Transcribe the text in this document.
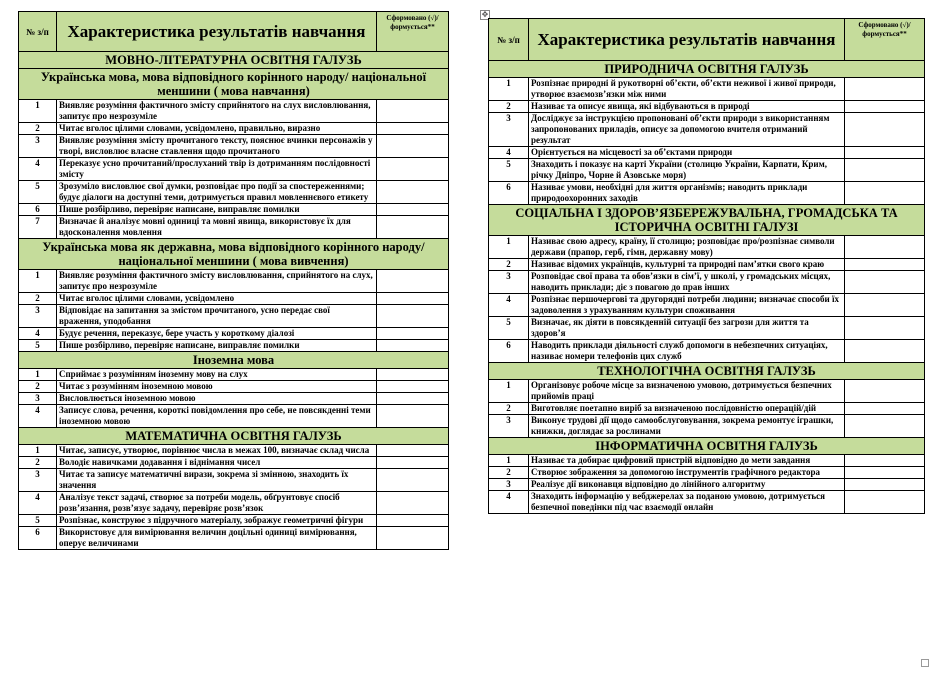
№ з/п	Характеристика результатів навчання	Сформовано (√)/ формується**
МОВНО-ЛІТЕРАТУРНА ОСВІТНЯ ГАЛУЗЬ		
Українська мова, мова відповідного корінного народу/ національної меншини ( мова навчання)		
1	Виявляє розуміння фактичного змісту сприйнятого на слух висловлювання, запитує про незрозуміле	
2	Читає вголос цілими словами, усвідомлено, правильно, виразно	
3	Виявляє розуміння змісту прочитаного тексту, пояснює вчинки персонажів у творі, висловлює власне ставлення щодо прочитаного	
4	Переказує усно прочитаний/прослуханий твір із дотриманням послідовності змісту	
5	Зрозуміло висловлює свої думки, розповідає про події за спостереженнями; будує діалоги на доступні теми, дотримується правил мовленнєвого етикету	
6	Пише розбірливо, перевіряє написане, виправляє помилки	
7	Визначає й аналізує мовні одиниці та мовні явища, використовує їх для вдосконалення мовлення	
Українська мова як державна, мова відповідного корінного народу/ національної меншини ( мова вивчення)		
1	Виявляє розуміння фактичного змісту висловлювання, сприйнятого на слух, запитує про незрозуміле	
2	Читає вголос цілими словами, усвідомлено	
3	Відповідає на запитання за змістом прочитаного, усно передає свої враження, уподобання	
4	Будує речення, переказує, бере участь у короткому діалозі	
5	Пише розбірливо, перевіряє написане, виправляє помилки	
Іноземна мова		
1	Сприймає з розумінням іноземну мову на слух	
2	Читає з розумінням іноземною мовою	
3	Висловлюється іноземною мовою	
4	Записує слова, речення, короткі повідомлення про себе, не повсякденні теми іноземною мовою	
МАТЕМАТИЧНА ОСВІТНЯ ГАЛУЗЬ		
1	Читає, записує, утворює, порівнює числа в межах 100, визначає склад числа	
2	Володіє навичками додавання і віднімання чисел	
3	Читає та записує математичні вирази, зокрема зі змінною, знаходить їх значення	
4	Аналізує текст задачі, створює за потреби модель, обґрунтовує спосіб розв’язання, розв’язує задачу, перевіряє розв’язок	
5	Розпізнає, конструює з підручного матеріалу, зображує геометричні фігури	
6	Використовує для вимірювання величин доцільні одиниці вимірювання, оперує величинами	
✥
№ з/п	Характеристика результатів навчання	Сформовано (√)/ формується**
ПРИРОДНИЧА ОСВІТНЯ ГАЛУЗЬ		
1	Розпізнає природні й рукотворні об’єкти, об’єкти неживої і живої природи, утворює взаємозв’язки між ними	
2	Називає та описує явища, які відбуваються в природі	
3	Досліджує за інструкцією пропоновані об’єкти природи з використанням запропонованих приладів, описує за допомогою вчителя отриманий результат	
4	Орієнтується на місцевості за об’єктами природи	
5	Знаходить і показує на карті України (столицю України, Карпати, Крим, річку Дніпро, Чорне й Азовське моря)	
6	Називає умови, необхідні для життя організмів; наводить приклади природоохоронних заходів	
СОЦІАЛЬНА І ЗДОРОВ’ЯЗБЕРЕЖУВАЛЬНА, ГРОМАДСЬКА ТА ІСТОРИЧНА ОСВІТНІ ГАЛУЗІ		
1	Називає свою адресу, країну, її столицю; розповідає про/розпізнає символи держави (прапор, герб, гімн, державну мову)	
2	Називає відомих українців, культурні та природні пам’ятки свого краю	
3	Розповідає свої права та обов’язки в сім’ї, у школі, у громадських місцях, наводить приклади; діє з повагою до прав інших	
4	Розпізнає першочергові та другорядні потреби людини; визначає способи їх задоволення з урахуванням культури споживання	
5	Визначає, як діяти в повсякденній ситуації без загрози для життя та здоров’я	
6	Наводить приклади діяльності служб допомоги в небезпечних ситуаціях, називає номери телефонів цих служб	
ТЕХНОЛОГІЧНА ОСВІТНЯ ГАЛУЗЬ		
1	Організовує робоче місце за визначеною умовою, дотримується безпечних прийомів праці	
2	Виготовляє поетапно виріб за визначеною послідовністю операцій/дій	
3	Виконує трудові дії щодо самообслуговування, зокрема ремонтує іграшки, книжки, доглядає за рослинами	
ІНФОРМАТИЧНА ОСВІТНЯ ГАЛУЗЬ		
1	Називає та добирає цифровий пристрій відповідно до мети завдання	
2	Створює зображення за допомогою інструментів графічного редактора	
3	Реалізує дії виконавця відповідно до лінійного алгоритму	
4	Знаходить інформацію у вебджерелах за поданою умовою, дотримується безпечної поведінки під час взаємодії онлайн	
